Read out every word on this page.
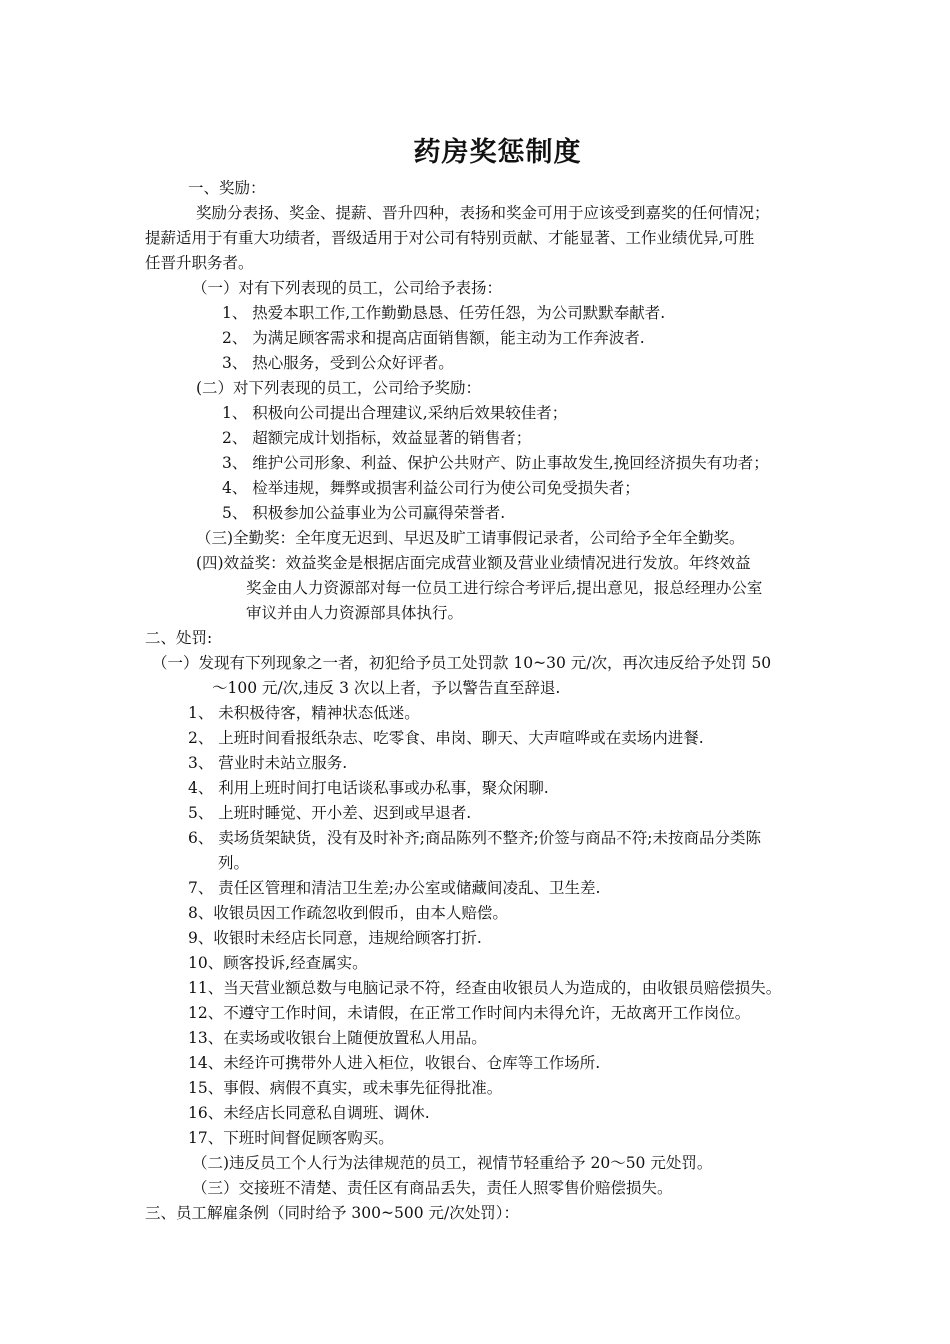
药房奖惩制度
一、奖励：
奖励分表扬、奖金、提薪、晋升四种，表扬和奖金可用于应该受到嘉奖的任何情况；
提薪适用于有重大功绩者，晋级适用于对公司有特别贡献、才能显著、工作业绩优异,可胜
任晋升职务者。
（一）对有下列表现的员工，公司给予表扬：
1、 热爱本职工作,工作勤勤恳恳、任劳任怨，为公司默默奉献者.
2、 为满足顾客需求和提高店面销售额，能主动为工作奔波者.
3、 热心服务，受到公众好评者。
(二）对下列表现的员工，公司给予奖励：
1、 积极向公司提出合理建议,采纳后效果较佳者；
2、 超额完成计划指标，效益显著的销售者；
3、 维护公司形象、利益、保护公共财产、防止事故发生,挽回经济损失有功者；
4、 检举违规，舞弊或损害利益公司行为使公司免受损失者；
5、 积极参加公益事业为公司赢得荣誉者.
（三)全勤奖：全年度无迟到、早迟及旷工请事假记录者，公司给予全年全勤奖。
(四)效益奖：效益奖金是根据店面完成营业额及营业业绩情况进行发放。年终效益
奖金由人力资源部对每一位员工进行综合考评后,提出意见，报总经理办公室
审议并由人力资源部具体执行。
二、处罚:
（一）发现有下列现象之一者，初犯给予员工处罚款 10~30 元/次，再次违反给予处罚 50
～100 元/次,违反 3 次以上者，予以警告直至辞退.
1、 未积极待客，精神状态低迷。
2、 上班时间看报纸杂志、吃零食、串岗、聊天、大声喧哗或在卖场内进餐.
3、 营业时未站立服务.
4、 利用上班时间打电话谈私事或办私事，聚众闲聊.
5、 上班时睡觉、开小差、迟到或早退者.
6、 卖场货架缺货，没有及时补齐;商品陈列不整齐;价签与商品不符;未按商品分类陈
列。
7、 责任区管理和清洁卫生差;办公室或储藏间凌乱、卫生差.
8、收银员因工作疏忽收到假币，由本人赔偿。
9、收银时未经店长同意，违规给顾客打折.
10、顾客投诉,经查属实。
11、当天营业额总数与电脑记录不符，经查由收银员人为造成的，由收银员赔偿损失。
12、不遵守工作时间，未请假，在正常工作时间内未得允许，无故离开工作岗位。
13、在卖场或收银台上随便放置私人用品。
14、未经许可携带外人进入柜位，收银台、仓库等工作场所.
15、事假、病假不真实，或未事先征得批准。
16、未经店长同意私自调班、调休.
17、下班时间督促顾客购买。
（二)违反员工个人行为法律规范的员工，视情节轻重给予 20～50 元处罚。
（三）交接班不清楚、责任区有商品丢失，责任人照零售价赔偿损失。
三、员工解雇条例（同时给予 300~500 元/次处罚）：
